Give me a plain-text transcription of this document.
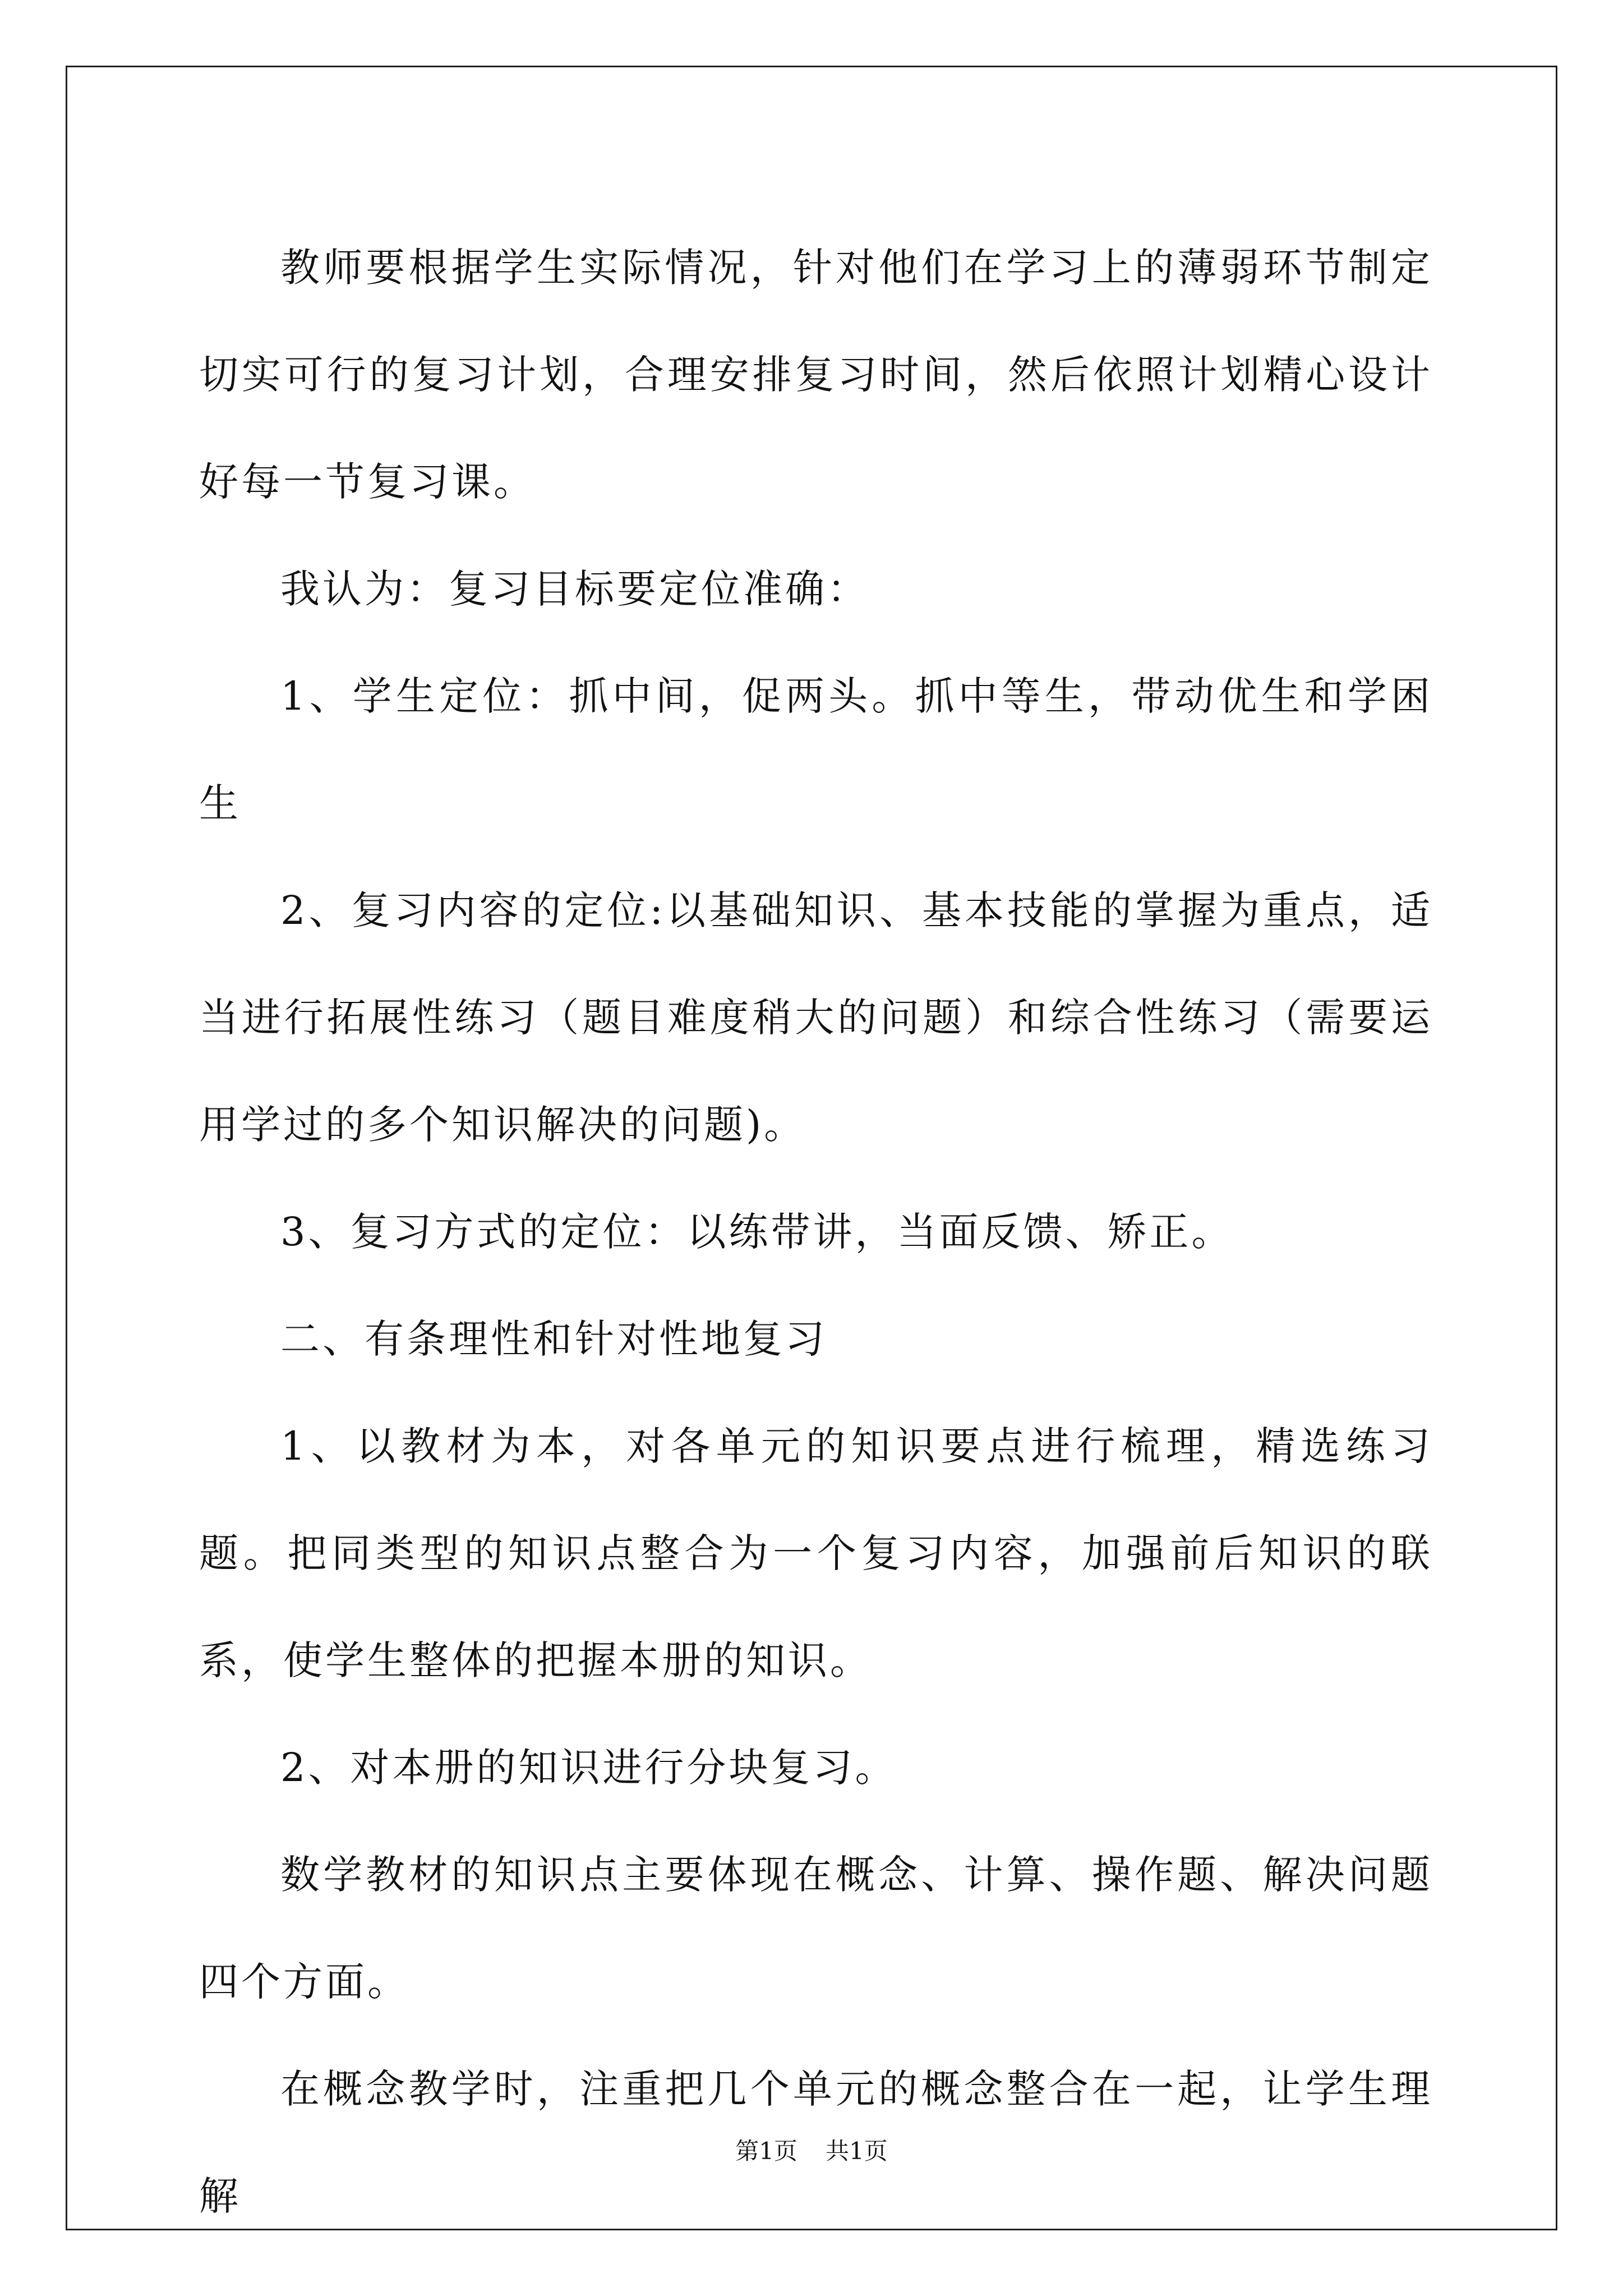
教师要根据学生实际情况，针对他们在学习上的薄弱环节制定切实可行的复习计划，合理安排复习时间，然后依照计划精心设计好每一节复习课。

我认为：复习目标要定位准确：

1、学生定位：抓中间，促两头。抓中等生，带动优生和学困生

2、复习内容的定位:以基础知识、基本技能的掌握为重点，适当进行拓展性练习（题目难度稍大的问题）和综合性练习（需要运用学过的多个知识解决的问题)。

3、复习方式的定位：以练带讲，当面反馈、矫正。

二、有条理性和针对性地复习

1、以教材为本，对各单元的知识要点进行梳理，精选练习题。把同类型的知识点整合为一个复习内容，加强前后知识的联系，使学生整体的把握本册的知识。

2、对本册的知识进行分块复习。

数学教材的知识点主要体现在概念、计算、操作题、解决问题四个方面。

在概念教学时，注重把几个单元的概念整合在一起，让学生理解

第1页 共1页
